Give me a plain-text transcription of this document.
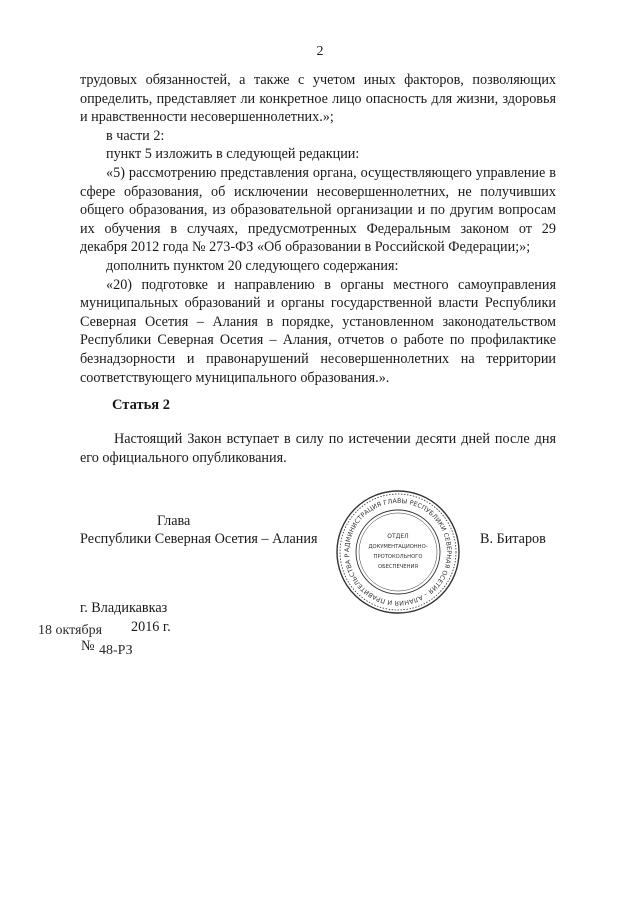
2

трудовых обязанностей, а также с учетом иных факторов, позволяющих определить, представляет ли конкретное лицо опасность для жизни, здоровья и нравственности несовершеннолетних.»;

в части 2:

пункт 5 изложить в следующей редакции:

«5) рассмотрению представления органа, осуществляющего управление в сфере образования, об исключении несовершеннолетних, не получивших общего образования, из образовательной организации и по другим вопросам их обучения в случаях, предусмотренных Федеральным законом от 29 декабря 2012 года № 273-ФЗ «Об образовании в Российской Федерации;»;

дополнить пунктом 20 следующего содержания:

«20) подготовке и направлению в органы местного самоуправления муниципальных образований и органы государственной власти Республики Северная Осетия – Алания в порядке, установленном законодательством Республики Северная Осетия – Алания, отчетов о работе по профилактике безнадзорности и правонарушений несовершеннолетних на территории соответствующего муниципального образования.».

Статья 2

Настоящий Закон вступает в силу по истечении десяти дней после дня его официального опубликования.

Глава
Республики Северная Осетия – Алания	В. Битаров
АДМИНИСТРАЦИЯ ГЛАВЫ РЕСПУБЛИКИ СЕВЕРНАЯ ОСЕТИЯ – АЛАНИЯ И ПРАВИТЕЛЬСТВА Р
ОТДЕЛ
ДОКУМЕНТАЦИОННО-
ПРОТОКОЛЬНОГО
ОБЕСПЕЧЕНИЯ
г. Владикавказ
18 октября 2016 г.
№ 48-РЗ
